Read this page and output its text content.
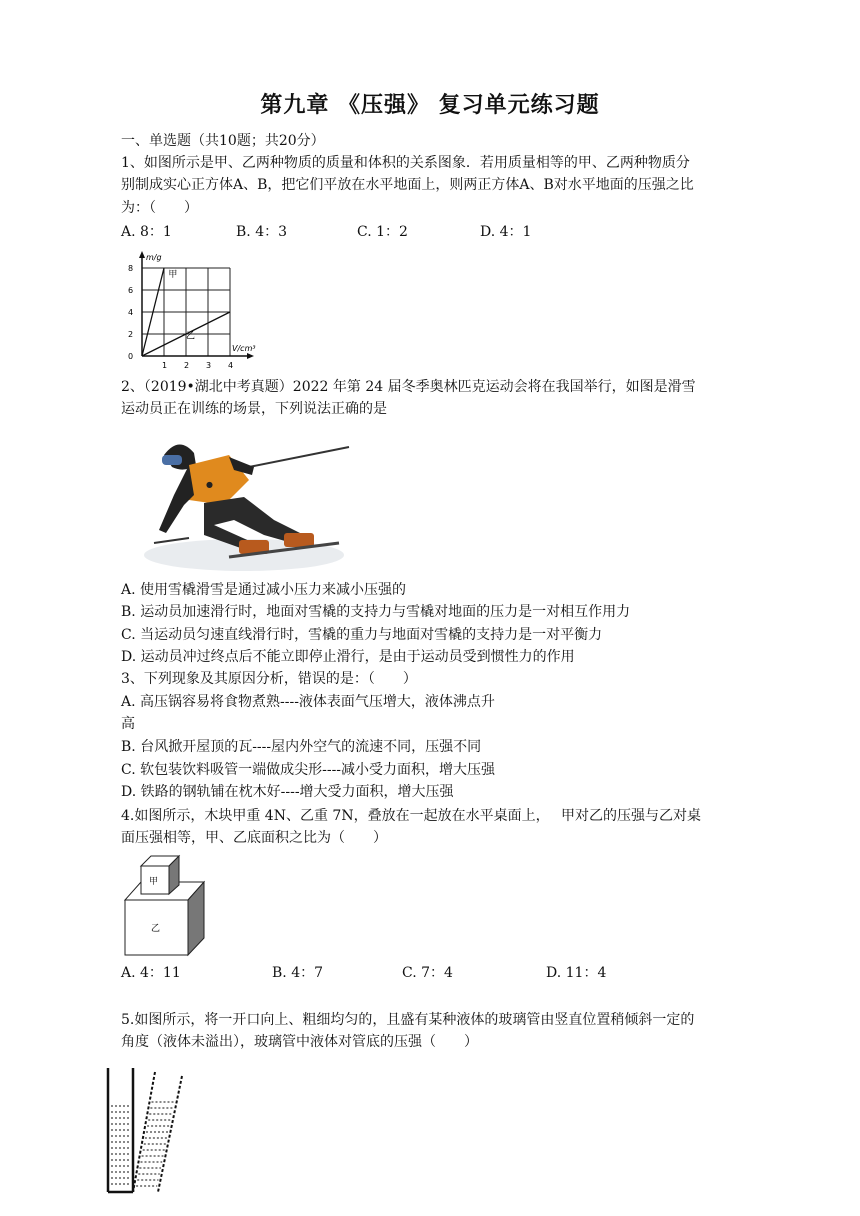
第九章 《压强》 复习单元练习题
一、单选题（共10题；共20分）
1、如图所示是甲、乙两种物质的质量和体积的关系图象．若用质量相等的甲、乙两种物质分
别制成实心正方体A、B，把它们平放在水平地面上，则两正方体A、B对水平地面的压强之比
为：（　　）
A. 8：1	B. 4：3	C. 1：2	D. 4：1
m/g
V/cm³
0
2
4
6
8
1 2 3 4
甲
乙
2、（2019•湖北中考真题）2022 年第 24 届冬季奥林匹克运动会将在我国举行，如图是滑雪
运动员正在训练的场景，下列说法正确的是
●
A. 使用雪橇滑雪是通过减小压力来减小压强的
B. 运动员加速滑行时，地面对雪橇的支持力与雪橇对地面的压力是一对相互作用力
C. 当运动员匀速直线滑行时，雪橇的重力与地面对雪橇的支持力是一对平衡力
D. 运动员冲过终点后不能立即停止滑行，是由于运动员受到惯性力的作用
3、下列现象及其原因分析，错误的是：（　　）
A. 高压锅容易将食物煮熟----液体表面气压增大，液体沸点升
高
B. 台风掀开屋顶的瓦----屋内外空气的流速不同，压强不同
C. 软包装饮料吸管一端做成尖形----减小受力面积，增大压强
D. 铁路的钢轨铺在枕木好----增大受力面积，增大压强
4.如图所示，木块甲重 4N、乙重 7N，叠放在一起放在水平桌面上，　 甲对乙的压强与乙对桌
面压强相等，甲、乙底面积之比为（　　）
甲
乙
A. 4：11	B. 4：7	C. 7：4	D. 11：4
5.如图所示，将一开口向上、粗细均匀的，且盛有某种液体的玻璃管由竖直位置稍倾斜一定的
角度（液体未溢出），玻璃管中液体对管底的压强（　　）
